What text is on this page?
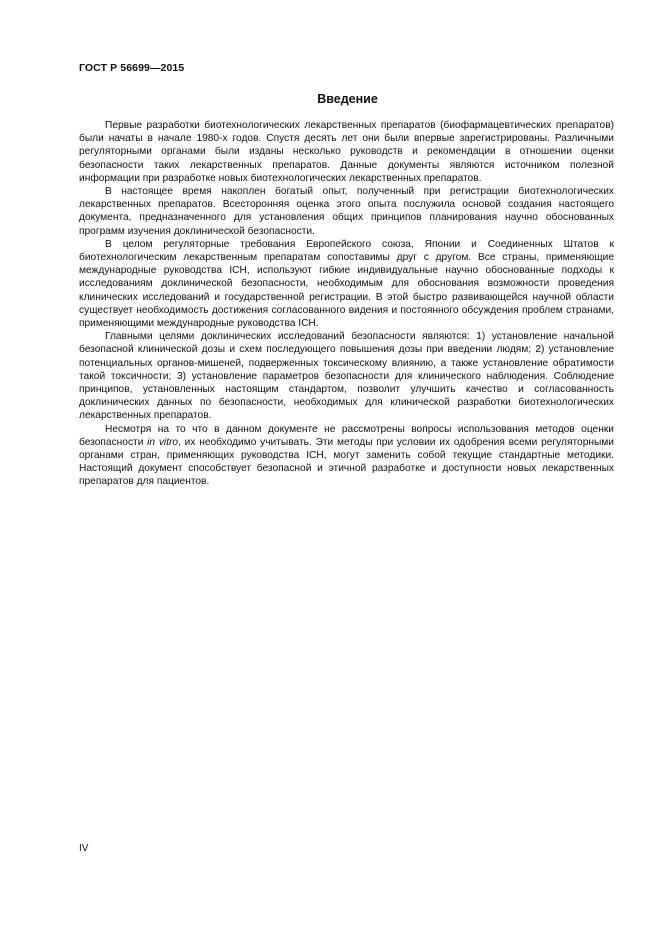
ГОСТ Р 56699—2015
Введение

Первые разработки биотехнологических лекарственных препаратов (биофармацевтических препаратов) были начаты в начале 1980-х годов. Спустя десять лет они были впервые зарегистрированы. Различными регуляторными органами были изданы несколько руководств и рекомендации в отношении оценки безопасности таких лекарственных препаратов. Данные документы являются источником полезной информации при разработке новых биотехнологических лекарственных препаратов.

В настоящее время накоплен богатый опыт, полученный при регистрации биотехнологических лекарственных препаратов. Всесторонняя оценка этого опыта послужила основой создания настоящего документа, предназначенного для установления общих принципов планирования научно обоснованных программ изучения доклинической безопасности.

В целом регуляторные требования Европейского союза, Японии и Соединенных Штатов к биотехнологическим лекарственным препаратам сопоставимы друг с другом. Все страны, применяющие международные руководства ICH, используют гибкие индивидуальные научно обоснованные подходы к исследованиям доклинической безопасности, необходимым для обоснования возможности проведения клинических исследований и государственной регистрации. В этой быстро развивающейся научной области существует необходимость достижения согласованного видения и постоянного обсуждения проблем странами, применяющими международные руководства ICH.

Главными целями доклинических исследований безопасности являются: 1) установление начальной безопасной клинической дозы и схем последующего повышения дозы при введении людям; 2) установление потенциальных органов-мишеней, подверженных токсическому влиянию, а также установление обратимости такой токсичности; 3) установление параметров безопасности для клинического наблюдения. Соблюдение принципов, установленных настоящим стандартом, позволит улучшить качество и согласованность доклинических данных по безопасности, необходимых для клинической разработки биотехнологических лекарственных препаратов.

Несмотря на то что в данном документе не рассмотрены вопросы использования методов оценки безопасности in vitro, их необходимо учитывать. Эти методы при условии их одобрения всеми регуляторными органами стран, применяющих руководства ICH, могут заменить собой текущие стандартные методики. Настоящий документ способствует безопасной и этичной разработке и доступности новых лекарственных препаратов для пациентов.

IV
